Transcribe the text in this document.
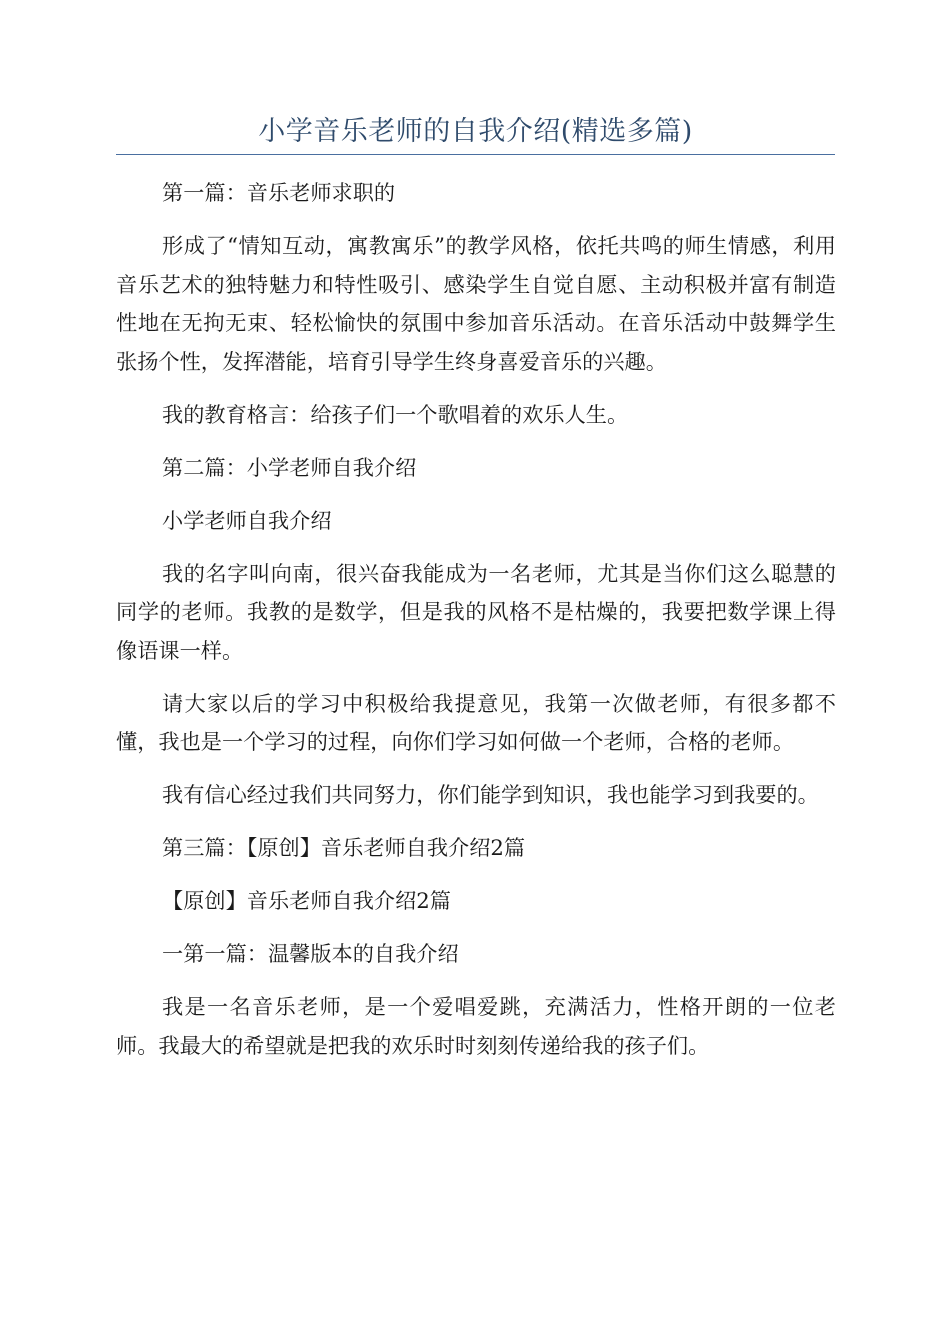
小学音乐老师的自我介绍(精选多篇)

第一篇：音乐老师求职的

形成了“情知互动，寓教寓乐”的教学风格，依托共鸣的师生情感，利用音乐艺术的独特魅力和特性吸引、感染学生自觉自愿、主动积极并富有制造性地在无拘无束、轻松愉快的氛围中参加音乐活动。在音乐活动中鼓舞学生张扬个性，发挥潜能，培育引导学生终身喜爱音乐的兴趣。

我的教育格言：给孩子们一个歌唱着的欢乐人生。

第二篇：小学老师自我介绍

小学老师自我介绍

我的名字叫向南，很兴奋我能成为一名老师，尤其是当你们这么聪慧的同学的老师。我教的是数学，但是我的风格不是枯燥的，我要把数学课上得像语课一样。

请大家以后的学习中积极给我提意见，我第一次做老师，有很多都不懂，我也是一个学习的过程，向你们学习如何做一个老师，合格的老师。

我有信心经过我们共同努力，你们能学到知识，我也能学习到我要的。

第三篇：【原创】音乐老师自我介绍2篇

【原创】音乐老师自我介绍2篇

一第一篇：温馨版本的自我介绍

我是一名音乐老师，是一个爱唱爱跳，充满活力，性格开朗的一位老师。我最大的希望就是把我的欢乐时时刻刻传递给我的孩子们。
